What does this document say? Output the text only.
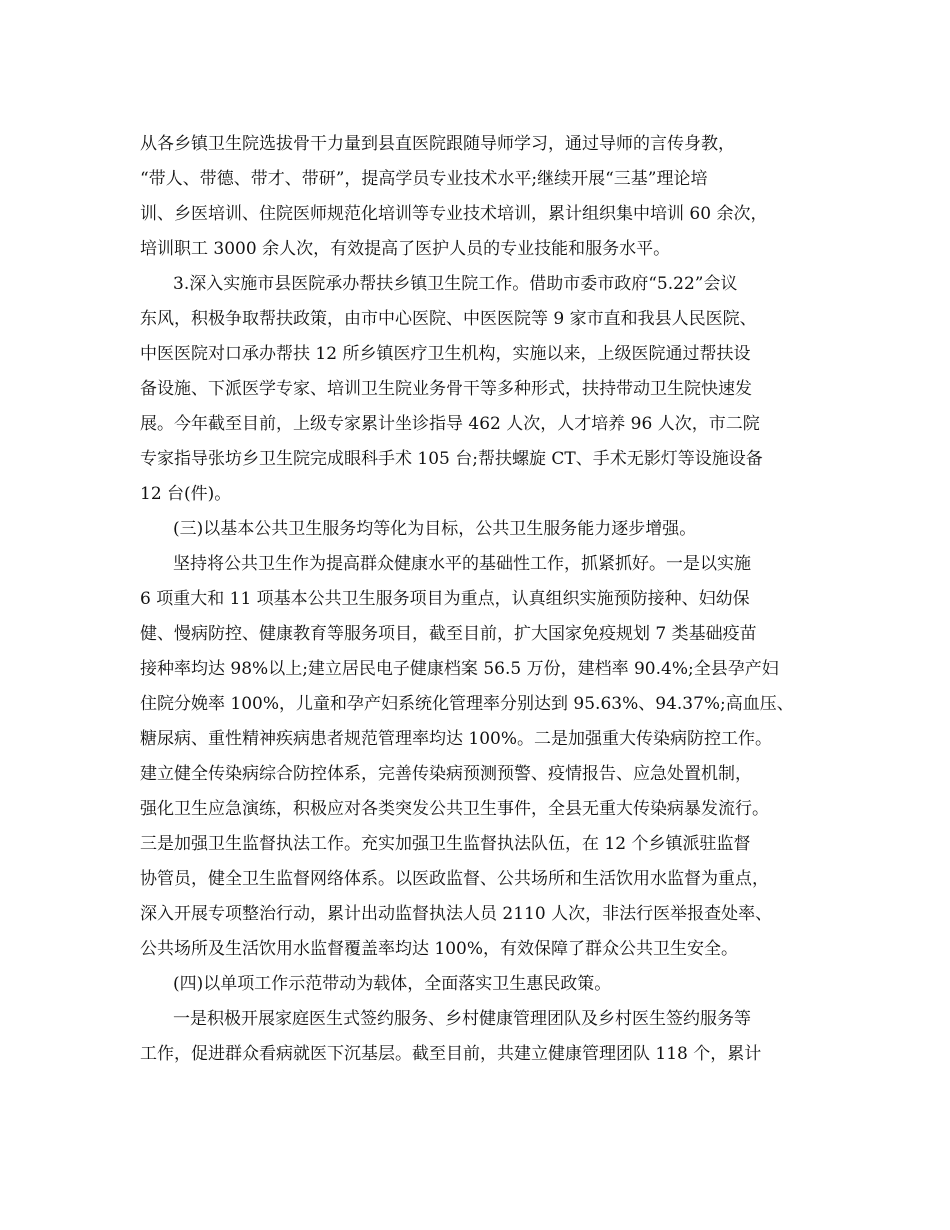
从各乡镇卫生院选拔骨干力量到县直医院跟随导师学习，通过导师的言传身教，
“带人、带德、带才、带研”，提高学员专业技术水平;继续开展“三基”理论培
训、乡医培训、住院医师规范化培训等专业技术培训，累计组织集中培训 60 余次，
培训职工 3000 余人次，有效提高了医护人员的专业技能和服务水平。
3.深入实施市县医院承办帮扶乡镇卫生院工作。借助市委市政府“5.22”会议
东风，积极争取帮扶政策，由市中心医院、中医医院等 9 家市直和我县人民医院、
中医医院对口承办帮扶 12 所乡镇医疗卫生机构，实施以来，上级医院通过帮扶设
备设施、下派医学专家、培训卫生院业务骨干等多种形式，扶持带动卫生院快速发
展。今年截至目前，上级专家累计坐诊指导 462 人次，人才培养 96 人次，市二院
专家指导张坊乡卫生院完成眼科手术 105 台;帮扶螺旋 CT、手术无影灯等设施设备
12 台(件)。
(三)以基本公共卫生服务均等化为目标，公共卫生服务能力逐步增强。
坚持将公共卫生作为提高群众健康水平的基础性工作，抓紧抓好。一是以实施
6 项重大和 11 项基本公共卫生服务项目为重点，认真组织实施预防接种、妇幼保
健、慢病防控、健康教育等服务项目，截至目前，扩大国家免疫规划 7 类基础疫苗
接种率均达 98%以上;建立居民电子健康档案 56.5 万份，建档率 90.4%;全县孕产妇
住院分娩率 100%，儿童和孕产妇系统化管理率分别达到 95.63%、94.37%;高血压、
糖尿病、重性精神疾病患者规范管理率均达 100%。二是加强重大传染病防控工作。
建立健全传染病综合防控体系，完善传染病预测预警、疫情报告、应急处置机制，
强化卫生应急演练，积极应对各类突发公共卫生事件，全县无重大传染病暴发流行。
三是加强卫生监督执法工作。充实加强卫生监督执法队伍，在 12 个乡镇派驻监督
协管员，健全卫生监督网络体系。以医政监督、公共场所和生活饮用水监督为重点，
深入开展专项整治行动，累计出动监督执法人员 2110 人次，非法行医举报查处率、
公共场所及生活饮用水监督覆盖率均达 100%，有效保障了群众公共卫生安全。
(四)以单项工作示范带动为载体，全面落实卫生惠民政策。
一是积极开展家庭医生式签约服务、乡村健康管理团队及乡村医生签约服务等
工作，促进群众看病就医下沉基层。截至目前，共建立健康管理团队 118 个，累计
